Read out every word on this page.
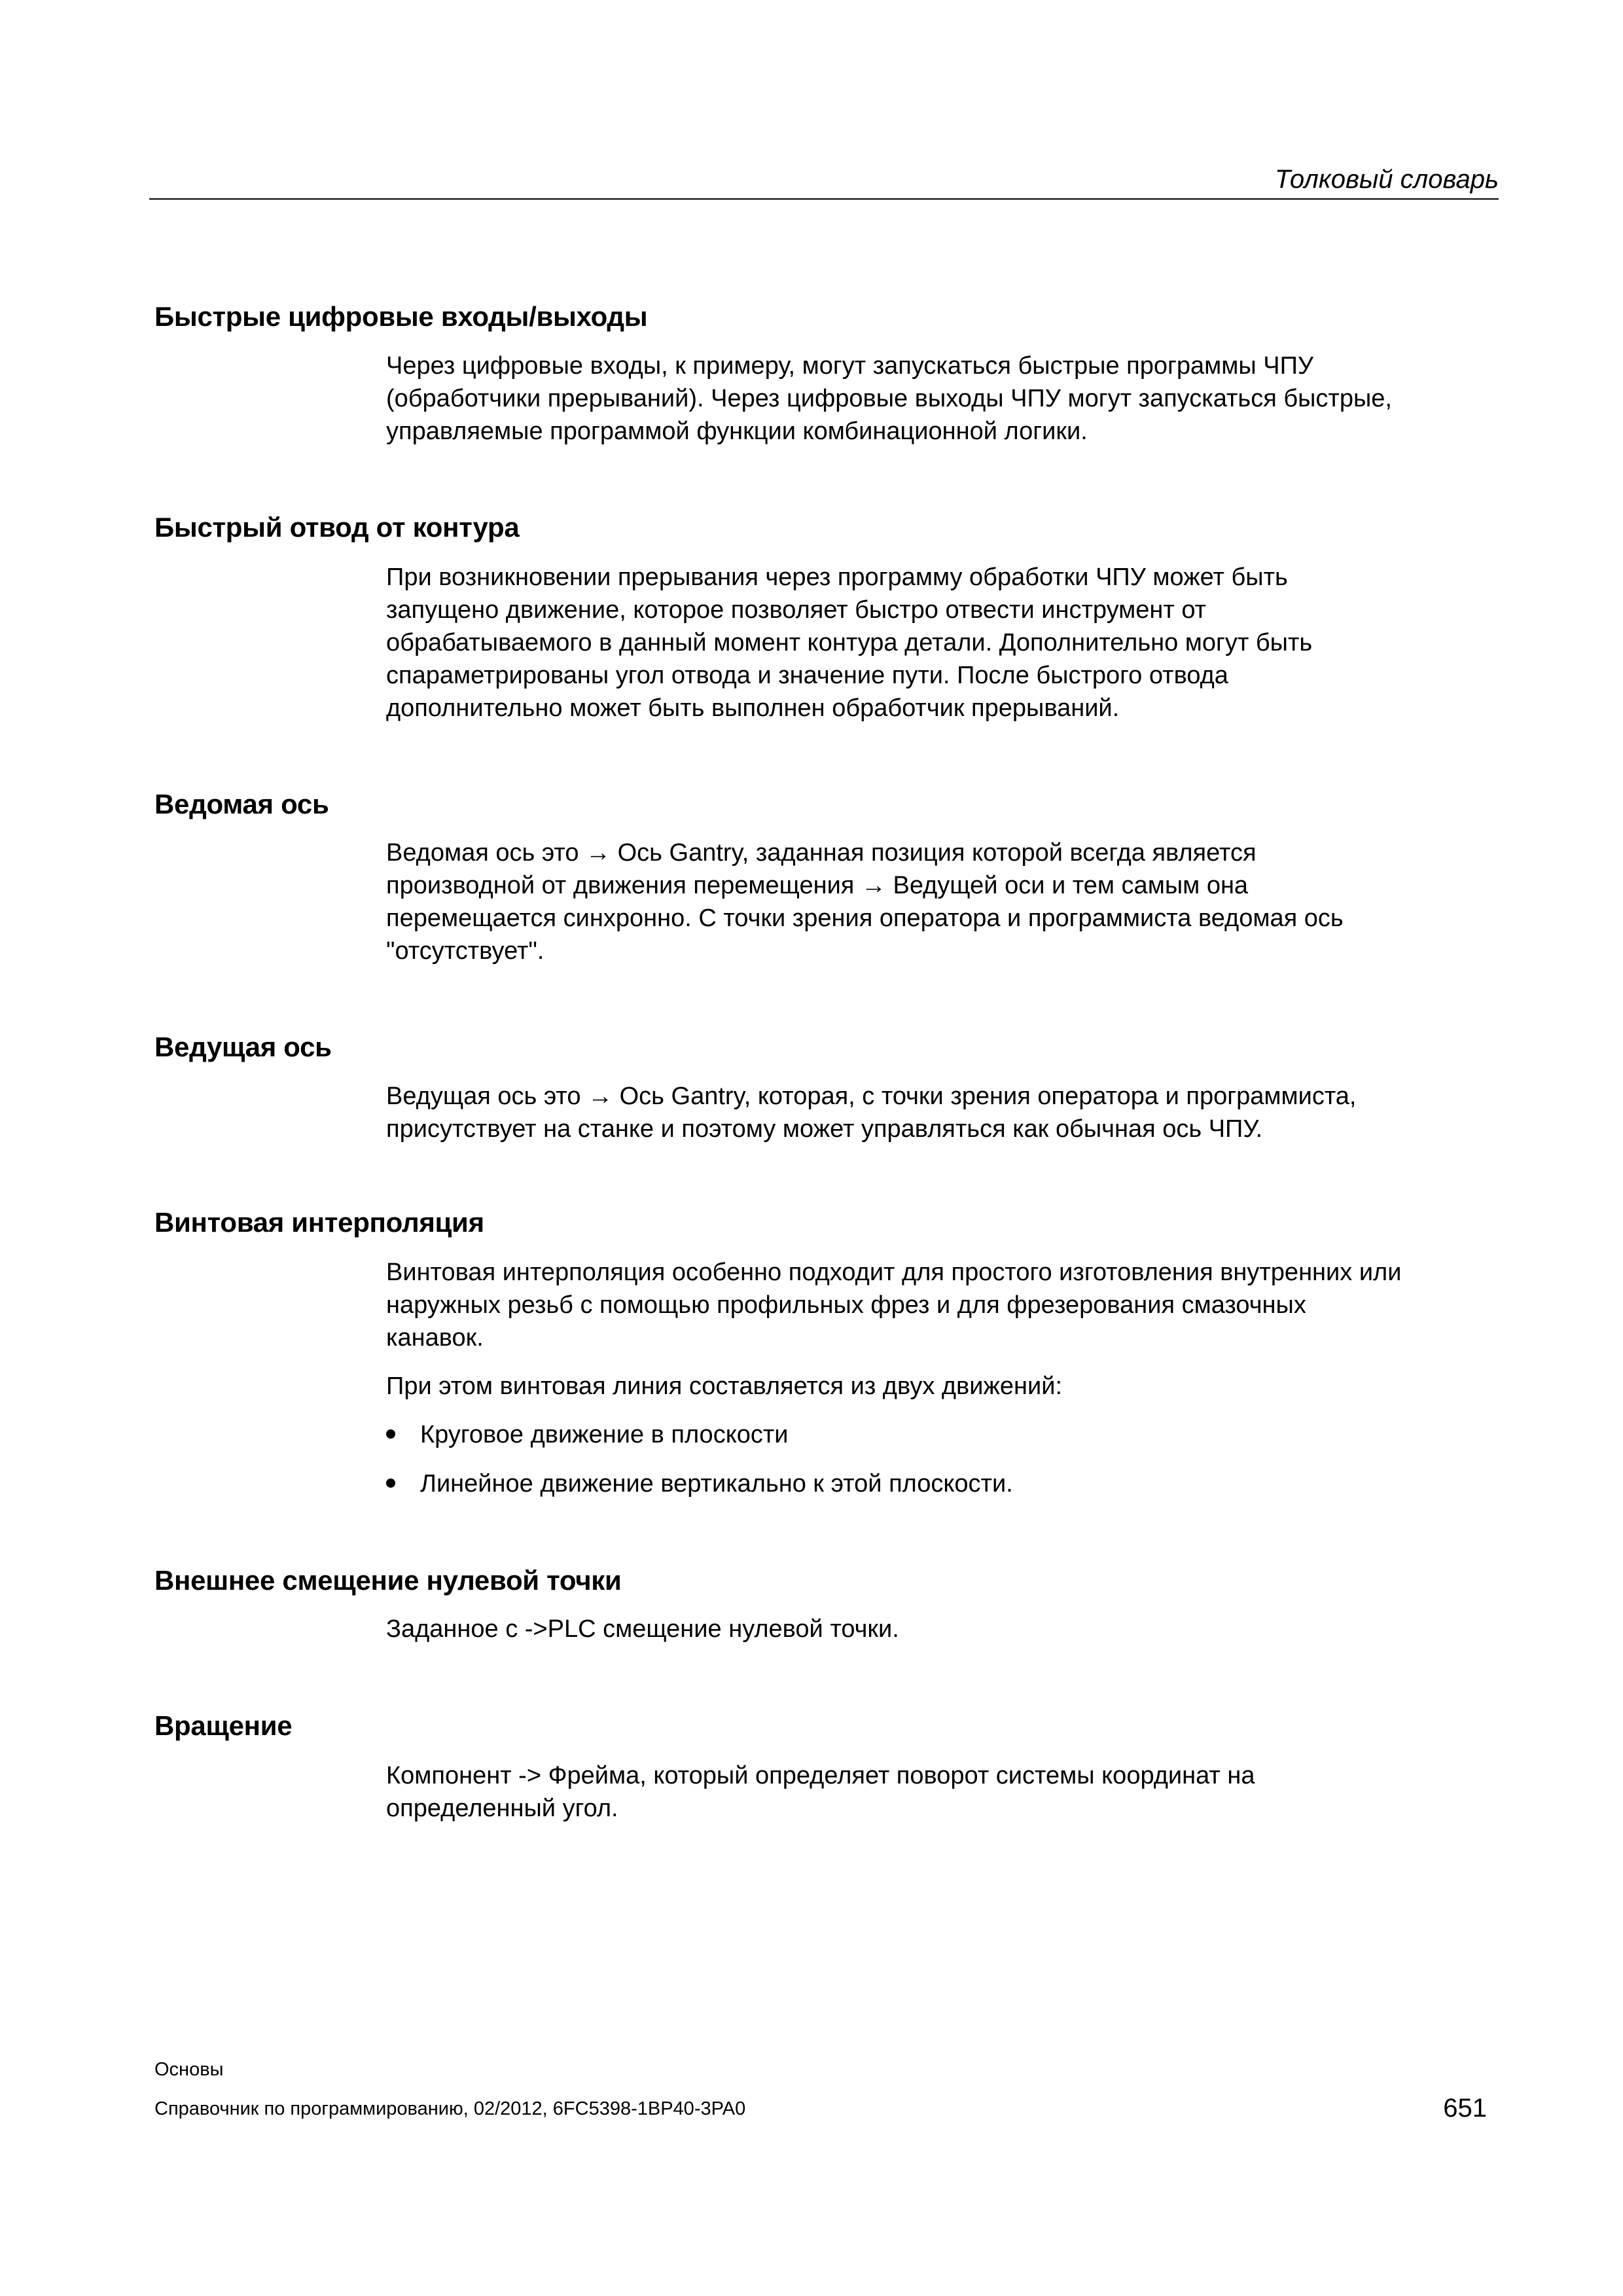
Толковый словарь
Быстрые цифровые входы/выходы
Через цифровые входы, к примеру, могут запускаться быстрые программы ЧПУ
(обработчики прерываний). Через цифровые выходы ЧПУ могут запускаться быстрые,
управляемые программой функции комбинационной логики.
Быстрый отвод от контура
При возникновении прерывания через программу обработки ЧПУ может быть
запущено движение, которое позволяет быстро отвести инструмент от
обрабатываемого в данный момент контура детали. Дополнительно могут быть
спараметрированы угол отвода и значение пути. После быстрого отвода
дополнительно может быть выполнен обработчик прерываний.
Ведомая ось
Ведомая ось это → Ось Gantry, заданная позиция которой всегда является
производной от движения перемещения → Ведущей оси и тем самым она
перемещается синхронно. С точки зрения оператора и программиста ведомая ось
"отсутствует".
Ведущая ось
Ведущая ось это → Ось Gantry, которая, с точки зрения оператора и программиста,
присутствует на станке и поэтому может управляться как обычная ось ЧПУ.
Винтовая интерполяция
Винтовая интерполяция особенно подходит для простого изготовления внутренних или
наружных резьб с помощью профильных фрез и для фрезерования смазочных
канавок.
При этом винтовая линия составляется из двух движений:
Круговое движение в плоскости
Линейное движение вертикально к этой плоскости.
Внешнее смещение нулевой точки
Заданное с ->PLC смещение нулевой точки.
Вращение
Компонент -> Фрейма, который определяет поворот системы координат на
определенный угол.
Основы
Справочник по программированию, 02/2012, 6FC5398-1BP40-3PA0	651
